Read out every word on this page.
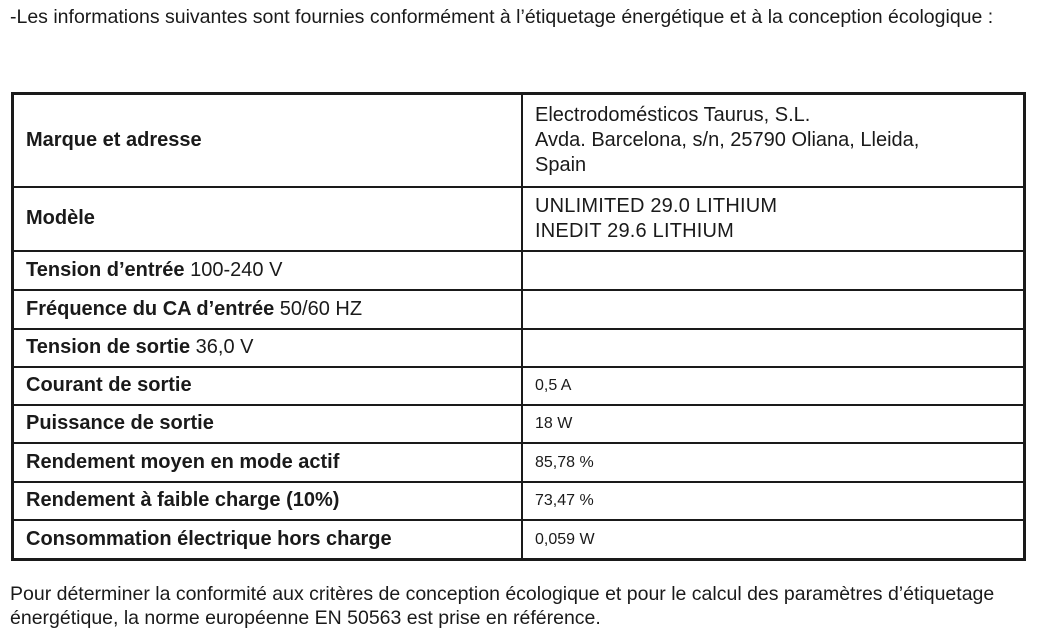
-Les informations suivantes sont fournies conformément à l’étiquetage énergétique et à la conception écologique :

Marque et adresse	Electrodomésticos Taurus, S.L.
Avda. Barcelona, s/n, 25790 Oliana, Lleida,
Spain

Modèle	UNLIMITED 29.0 LITHIUM
INEDIT 29.6 LITHIUM

Tension d’entrée 100-240 V	
Fréquence du CA d’entrée 50/60 HZ	
Tension de sortie 36,0 V	
Courant de sortie	0,5 A
Puissance de sortie	18 W
Rendement moyen en mode actif	85,78 %
Rendement à faible charge (10%)	73,47 %
Consommation électrique hors charge	0,059 W

Pour déterminer la conformité aux critères de conception écologique et pour le calcul des paramètres d’étiquetage énergétique, la norme européenne EN 50563 est prise en référence.
